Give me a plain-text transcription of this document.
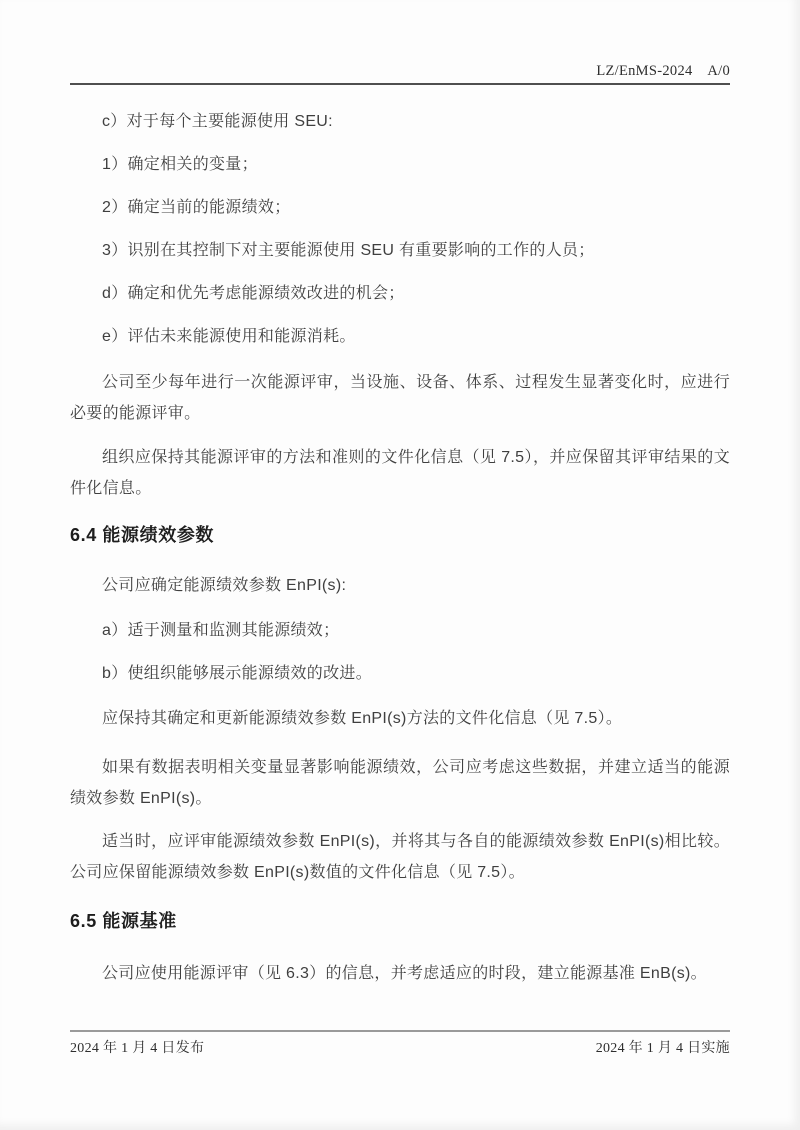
LZ/EnMS-2024　A/0

c）对于每个主要能源使用 SEU:

1）确定相关的变量；

2）确定当前的能源绩效；

3）识别在其控制下对主要能源使用 SEU 有重要影响的工作的人员；

d）确定和优先考虑能源绩效改进的机会；

e）评估未来能源使用和能源消耗。

公司至少每年进行一次能源评审，当设施、设备、体系、过程发生显著变化时，应进行必要的能源评审。

组织应保持其能源评审的方法和准则的文件化信息（见 7.5），并应保留其评审结果的文件化信息。

6.4 能源绩效参数

公司应确定能源绩效参数 EnPI(s):

a）适于测量和监测其能源绩效；

b）使组织能够展示能源绩效的改进。

应保持其确定和更新能源绩效参数 EnPI(s)方法的文件化信息（见 7.5）。

如果有数据表明相关变量显著影响能源绩效，公司应考虑这些数据，并建立适当的能源绩效参数 EnPI(s)。

适当时，应评审能源绩效参数 EnPI(s)，并将其与各自的能源绩效参数 EnPI(s)相比较。公司应保留能源绩效参数 EnPI(s)数值的文件化信息（见 7.5）。

6.5 能源基准

公司应使用能源评审（见 6.3）的信息，并考虑适应的时段，建立能源基准 EnB(s)。

2024 年 1 月 4 日发布	2024 年 1 月 4 日实施
